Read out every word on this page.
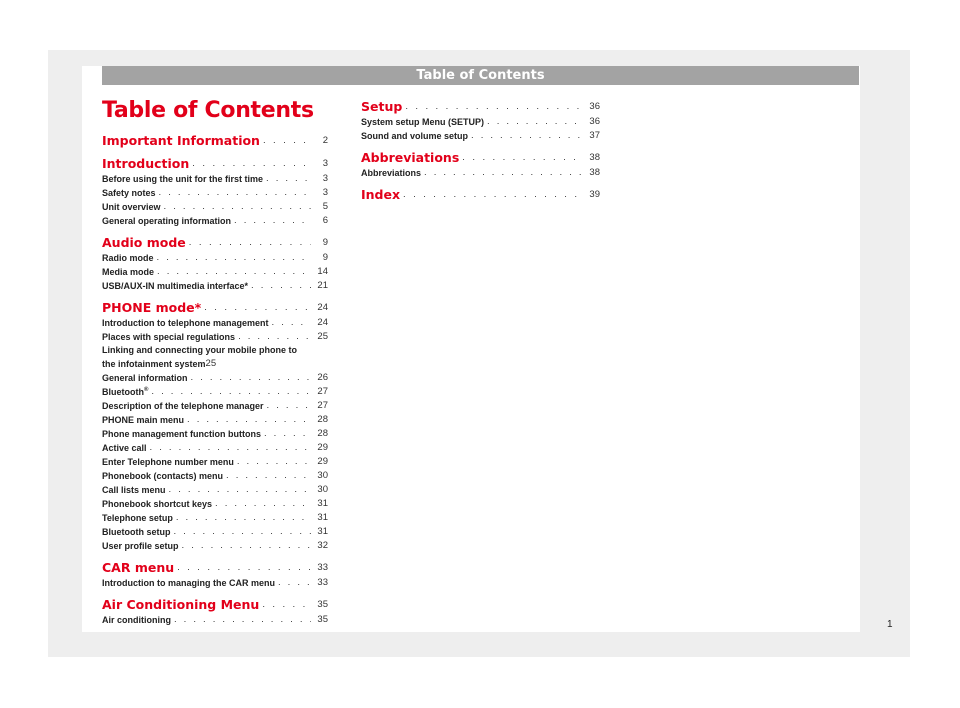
Table of Contents
Table of Contents
Important Information . . .	2
Introduction . . .	3
Before using the unit for the first time . . .	3
Safety notes . . .	3
Unit overview . . .	5
General operating information . . .	6
Audio mode . . .	9
Radio mode . . .	9
Media mode . . .	14
USB/AUX-IN multimedia interface* . . .	21
PHONE mode* . . .	24
Introduction to telephone management . . .	24
Places with special regulations . . .	25
Linking and connecting your mobile phone to
the infotainment system 25
General information . . .	26
Bluetooth® . . .	27
Description of the telephone manager . . .	27
PHONE main menu . . .	28
Phone management function buttons . . .	28
Active call . . .	29
Enter Telephone number menu . . .	29
Phonebook (contacts) menu . . .	30
Call lists menu . . .	30
Phonebook shortcut keys . . .	31
Telephone setup . . .	31
Bluetooth setup . . .	31
User profile setup . . .	32
CAR menu . . .	33
Introduction to managing the CAR menu . . .	33
Air Conditioning Menu . . .	35
Air conditioning . . .	35
Setup . . .	36
System setup Menu (SETUP) . . .	36
Sound and volume setup . . .	37
Abbreviations . . .	38
Abbreviations . . .	38
Index . . .	39
1
